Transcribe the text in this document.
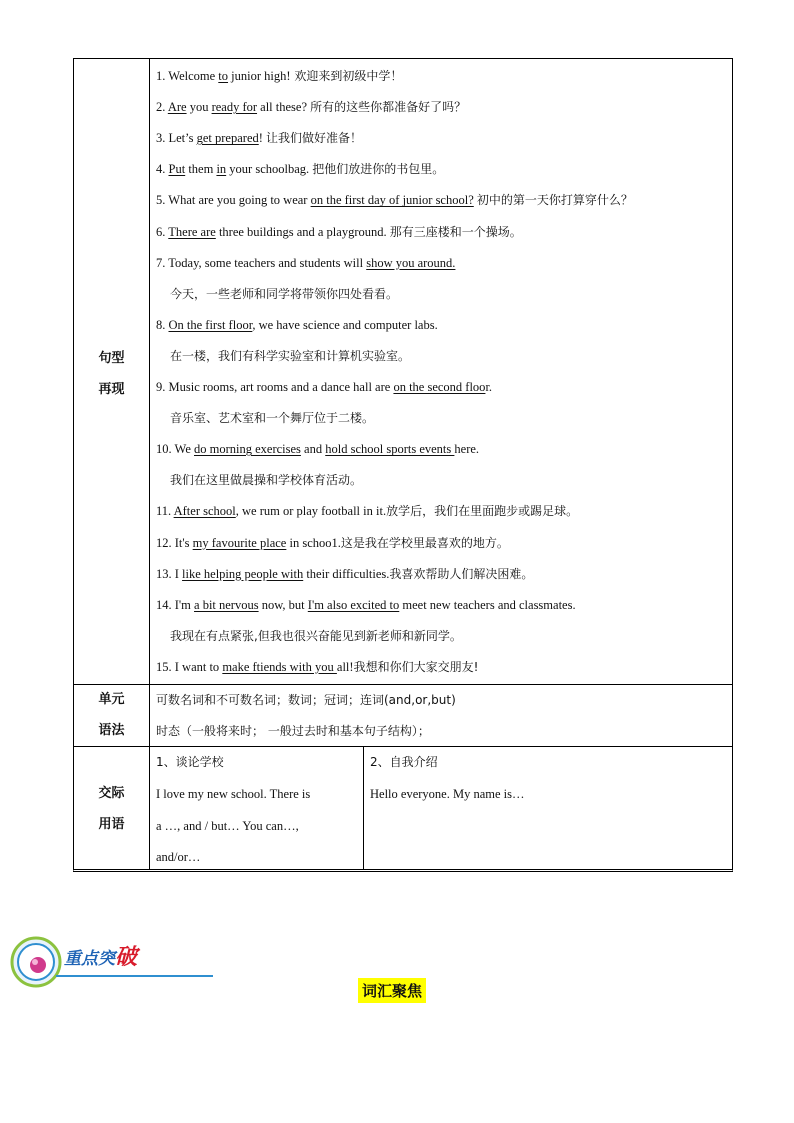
句型
再现
1. Welcome to junior high! 欢迎来到初级中学！
2. Are you ready for all these? 所有的这些你都准备好了吗？
3. Let’s get prepared! 让我们做好准备！
4. Put them in your schoolbag. 把他们放进你的书包里。
5. What are you going to wear on the first day of junior school? 初中的第一天你打算穿什么？
6. There are three buildings and a playground. 那有三座楼和一个操场。
7. Today, some teachers and students will show you around.
今天，一些老师和同学将带领你四处看看。
8. On the first floor, we have science and computer labs.
在一楼，我们有科学实验室和计算机实验室。
9. Music rooms, art rooms and a dance hall are on the second floor.
音乐室、艺术室和一个舞厅位于二楼。
10. We do morning exercises and hold school sports events here.
我们在这里做晨操和学校体育活动。
11. After school, we rum or play football in it.放学后，我们在里面跑步或踢足球。
12. It's my favourite place in schoo1.这是我在学校里最喜欢的地方。
13. I like helping people with their difficulties.我喜欢帮助人们解决困难。
14. I'm a bit nervous now, but I'm also excited to meet new teachers and classmates.
我现在有点紧张,但我也很兴奋能见到新老师和新同学。
15. I want to make ftiends with you all!我想和你们大家交朋友!
单元
语法
可数名词和不可数名词；数词；冠词；连词(and,or,but)
时态（一般将来时； 一般过去时和基本句子结构）；
交际
用语
1、谈论学校
I love my new school. There is
a …, and / but… You can…,
and/or…
2、自我介绍
Hello everyone. My name is…
重点突破
词汇聚焦
